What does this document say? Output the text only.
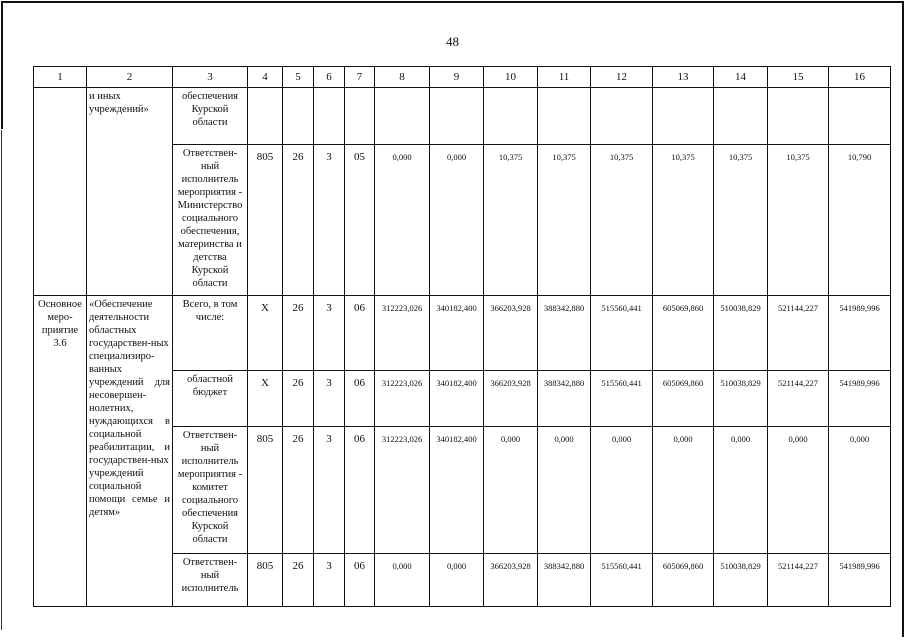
48
1	2	3	4	5	6	7	8	9	10	11	12	13	14	15	16
	и иных учреждений»	обеспечения Курской области													
		Ответствен-ный исполнитель мероприятия - Министерство социального обеспечения, материнства и детства Курской области	805	26	3	05	0,000	0,000	10,375	10,375	10,375	10,375	10,375	10,375	10,790
Основное меро-приятие 3.6	«Обеспечение деятельности областных государствен-ных специализиро-ванных учреждений для несовершен-нолетних, нуждающихся в социальной реабилитации, и государствен-ных учреждений социальной помощи семье и детям»	Всего, в том числе:	X	26	3	06	312223,026	340182,400	366203,928	388342,880	515560,441	605069,860	510038,829	521144,227	541989,996
		областной бюджет	X	26	3	06	312223,026	340182,400	366203,928	388342,880	515560,441	605069,860	510038,829	521144,227	541989,996
		Ответствен-ный исполнитель мероприятия - комитет социального обеспечения Курской области	805	26	3	06	312223,026	340182,400	0,000	0,000	0,000	0,000	0,000	0,000	0,000
		Ответствен-ный исполнитель	805	26	3	06	0,000	0,000	366203,928	388342,880	515560,441	605069,860	510038,829	521144,227	541989,996
